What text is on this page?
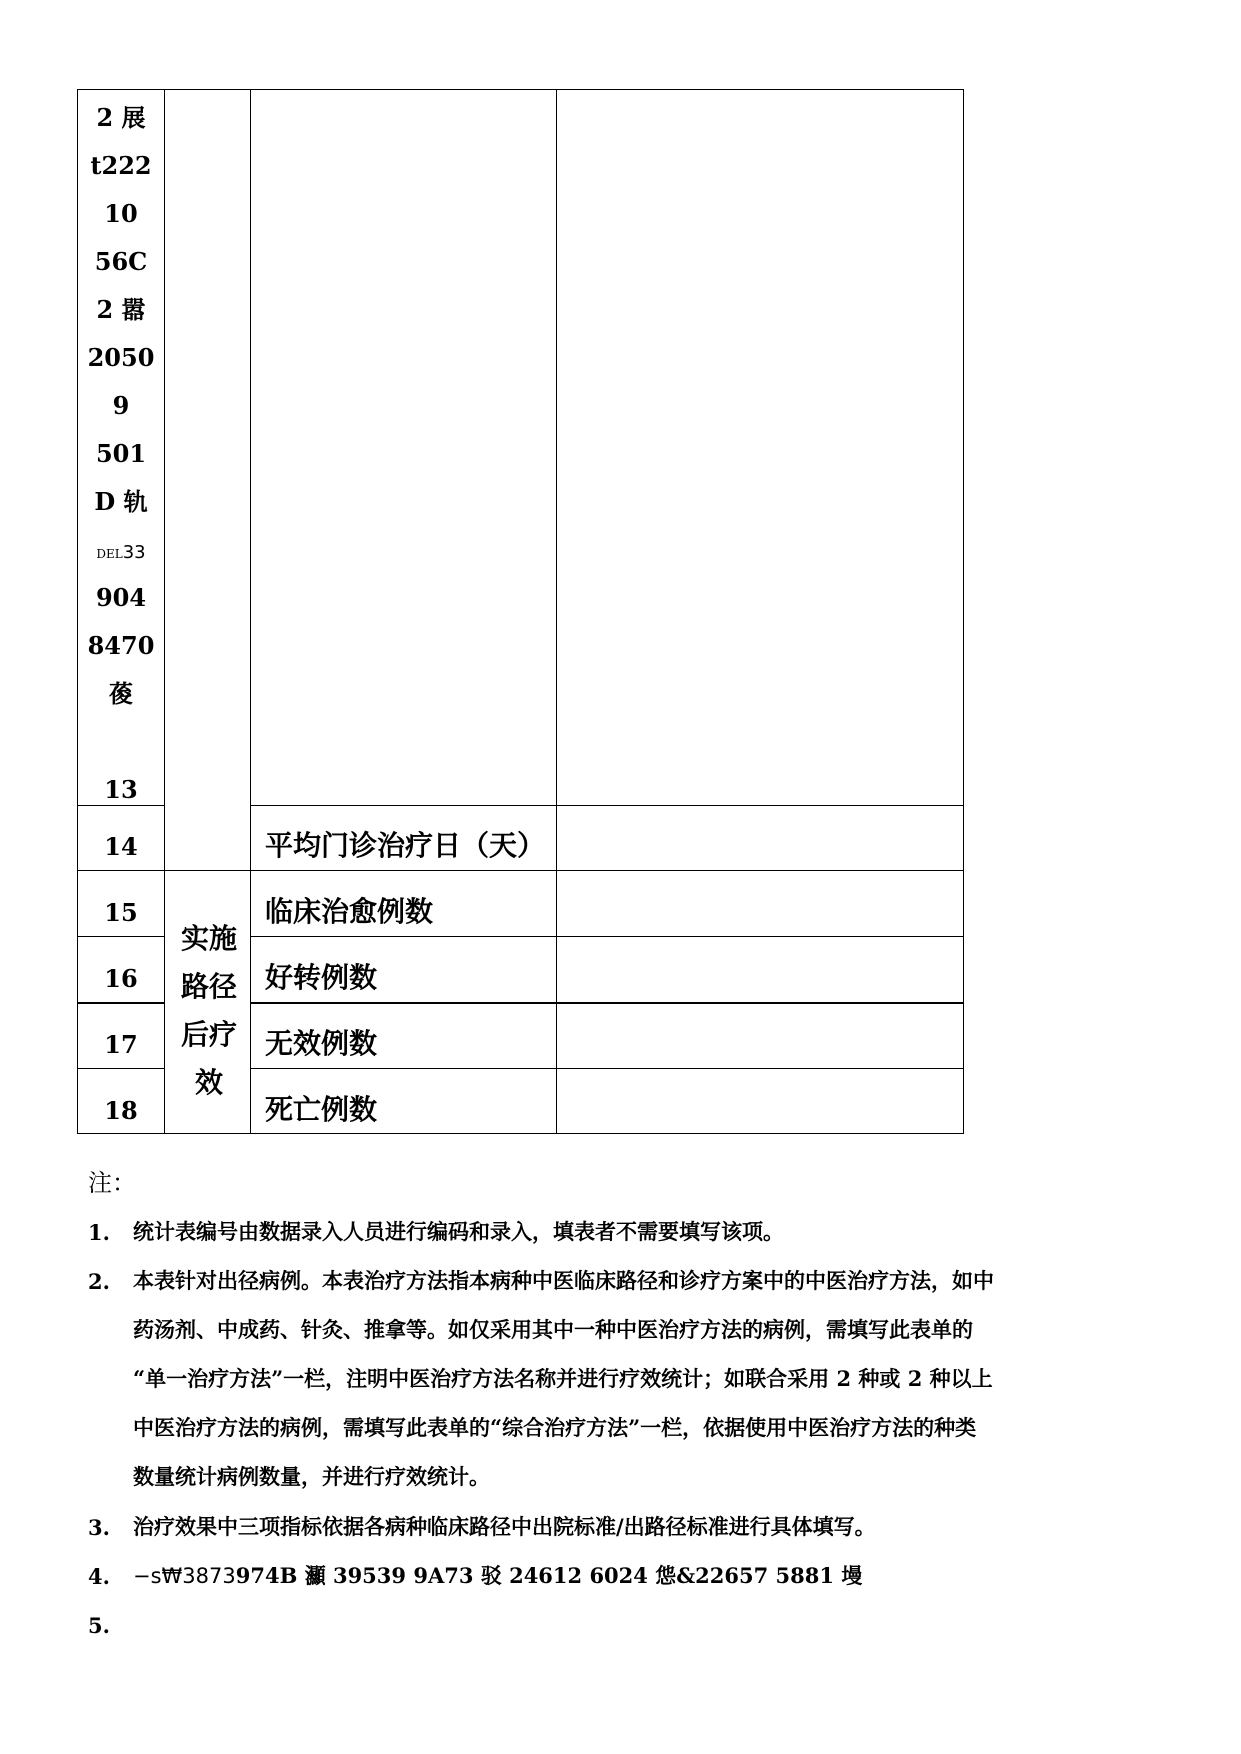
2 展
t222
10
56C
2 嚣
2050
9
501
D 轨
DEL33
904
8470
葰
13
14
15
16
17
18
平均门诊治疗日（天）
临床治愈例数
好转例数
无效例数
死亡例数
实施
路径
后疗
效
注：
1. 统计表编号由数据录入人员进行编码和录入，填表者不需要填写该项。
2. 本表针对出径病例。本表治疗方法指本病种中医临床路径和诊疗方案中的中医治疗方法，如中
药汤剂、中成药、针灸、推拿等。如仅采用其中一种中医治疗方法的病例，需填写此表单的
“单一治疗方法”一栏，注明中医治疗方法名称并进行疗效统计；如联合采用 2 种或 2 种以上
中医治疗方法的病例，需填写此表单的“综合治疗方法”一栏，依据使用中医治疗方法的种类
数量统计病例数量，并进行疗效统计。
3. 治疗效果中三项指标依据各病种临床路径中出院标准/出路径标准进行具体填写。
4. −s₩3873974B 灦 39539 9A73 驳 24612 6024 怹&22657 5881 墁
5.
